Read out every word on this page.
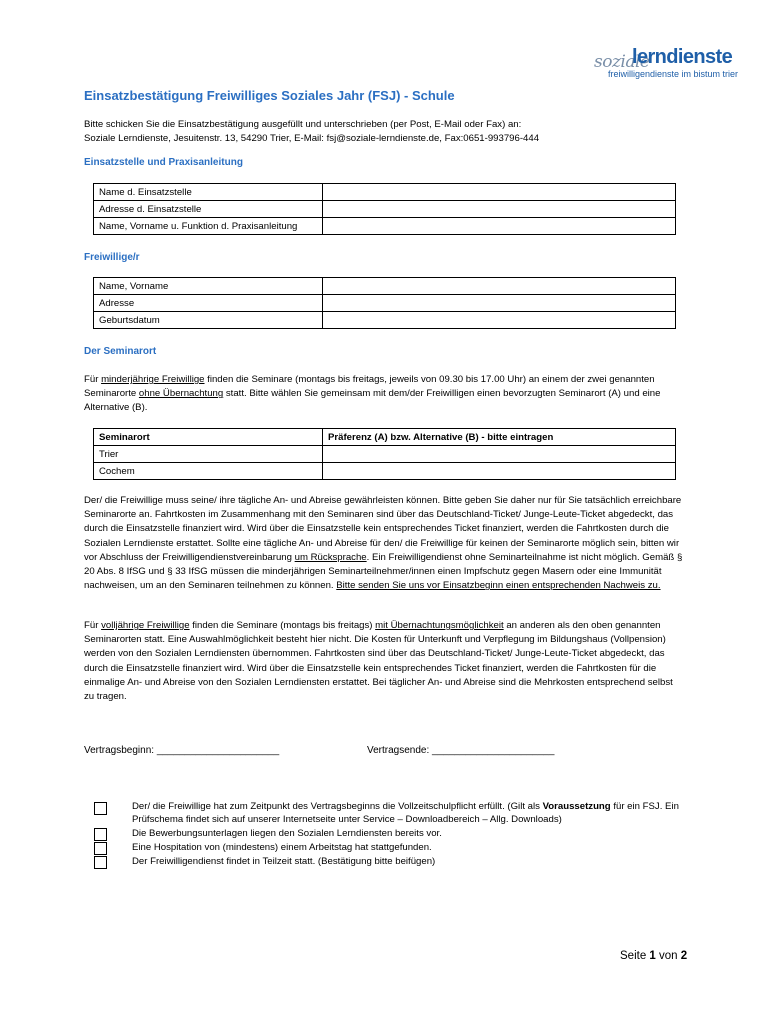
soziale
lerndienste
freiwilligendienste im bistum trier
Einsatzbestätigung Freiwilliges Soziales Jahr (FSJ) - Schule
Bitte schicken Sie die Einsatzbestätigung ausgefüllt und unterschrieben (per Post, E-Mail oder Fax) an:
Soziale Lerndienste, Jesuitenstr. 13, 54290 Trier, E-Mail: fsj@soziale-lerndienste.de, Fax:0651-993796-444
Einsatzstelle und Praxisanleitung
Name d. Einsatzstelle	
Adresse d. Einsatzstelle	
Name, Vorname u. Funktion d. Praxisanleitung	
Freiwillige/r
Name, Vorname	
Adresse	
Geburtsdatum	
Der Seminarort
Für minderjährige Freiwillige finden die Seminare (montags bis freitags, jeweils von 09.30 bis 17.00 Uhr) an einem der zwei genannten Seminarorte ohne Übernachtung statt. Bitte wählen Sie gemeinsam mit dem/der Freiwilligen einen bevorzugten Seminarort (A) und eine Alternative (B).
Seminarort	Präferenz (A) bzw. Alternative (B) - bitte eintragen
Trier	
Cochem	
Der/ die Freiwillige muss seine/ ihre tägliche An- und Abreise gewährleisten können. Bitte geben Sie daher nur für Sie tatsächlich erreichbare Seminarorte an. Fahrtkosten im Zusammenhang mit den Seminaren sind über das Deutschland-Ticket/ Junge-Leute-Ticket abgedeckt, das durch die Einsatzstelle finanziert wird. Wird über die Einsatzstelle kein entsprechendes Ticket finanziert, werden die Fahrtkosten durch die Sozialen Lerndienste erstattet. Sollte eine tägliche An- und Abreise für den/ die Freiwillige für keinen der Seminarorte möglich sein, bitten wir vor Abschluss der Freiwilligendienstvereinbarung um Rücksprache. Ein Freiwilligendienst ohne Seminarteilnahme ist nicht möglich. Gemäß § 20 Abs. 8 IfSG und § 33 IfSG müssen die minderjährigen Seminarteilnehmer/innen einen Impfschutz gegen Masern oder eine Immunität nachweisen, um an den Seminaren teilnehmen zu können. Bitte senden Sie uns vor Einsatzbeginn einen entsprechenden Nachweis zu.
Für volljährige Freiwillige finden die Seminare (montags bis freitags) mit Übernachtungsmöglichkeit an anderen als den oben genannten Seminarorten statt. Eine Auswahlmöglichkeit besteht hier nicht. Die Kosten für Unterkunft und Verpflegung im Bildungshaus (Vollpension) werden von den Sozialen Lerndiensten übernommen. Fahrtkosten sind über das Deutschland-Ticket/ Junge-Leute-Ticket abgedeckt, das durch die Einsatzstelle finanziert wird. Wird über die Einsatzstelle kein entsprechendes Ticket finanziert, werden die Fahrtkosten für die einmalige An- und Abreise von den Sozialen Lerndiensten erstattet. Bei täglicher An- und Abreise sind die Mehrkosten entsprechend selbst zu tragen.
Vertragsbeginn: ______________________	Vertragsende: ______________________
Der/ die Freiwillige hat zum Zeitpunkt des Vertragsbeginns die Vollzeitschulpflicht erfüllt. (Gilt als Voraussetzung für ein FSJ. Ein Prüfschema findet sich auf unserer Internetseite unter Service – Downloadbereich – Allg. Downloads)
Die Bewerbungsunterlagen liegen den Sozialen Lerndiensten bereits vor.
Eine Hospitation von (mindestens) einem Arbeitstag hat stattgefunden.
Der Freiwilligendienst findet in Teilzeit statt. (Bestätigung bitte beifügen)
Seite 1 von 2
